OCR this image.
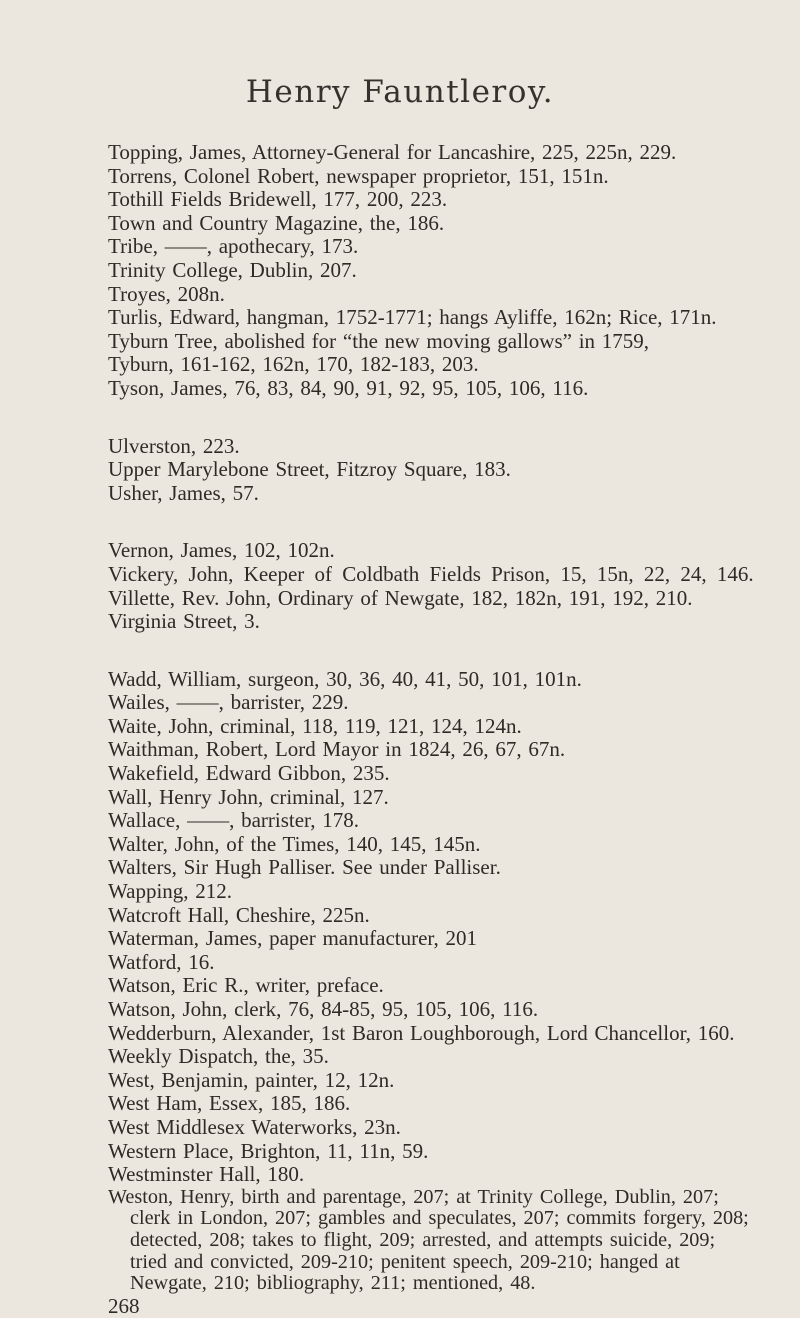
Henry Fauntleroy.
Topping, James, Attorney-General for Lancashire, 225, 225n, 229.
Torrens, Colonel Robert, newspaper proprietor, 151, 151n.
Tothill Fields Bridewell, 177, 200, 223.
Town and Country Magazine, the, 186.
Tribe, ——, apothecary, 173.
Trinity College, Dublin, 207.
Troyes, 208n.
Turlis, Edward, hangman, 1752-1771; hangs Ayliffe, 162n; Rice, 171n.
Tyburn Tree, abolished for “the new moving gallows” in 1759,
Tyburn, 161-162, 162n, 170, 182-183, 203.
Tyson, James, 76, 83, 84, 90, 91, 92, 95, 105, 106, 116.
Ulverston, 223.
Upper Marylebone Street, Fitzroy Square, 183.
Usher, James, 57.
Vernon, James, 102, 102n.
Vickery, John, Keeper of Coldbath Fields Prison, 15, 15n, 22, 24, 146.
Villette, Rev. John, Ordinary of Newgate, 182, 182n, 191, 192, 210.
Virginia Street, 3.
Wadd, William, surgeon, 30, 36, 40, 41, 50, 101, 101n.
Wailes, ——, barrister, 229.
Waite, John, criminal, 118, 119, 121, 124, 124n.
Waithman, Robert, Lord Mayor in 1824, 26, 67, 67n.
Wakefield, Edward Gibbon, 235.
Wall, Henry John, criminal, 127.
Wallace, ——, barrister, 178.
Walter, John, of the Times, 140, 145, 145n.
Walters, Sir Hugh Palliser. See under Palliser.
Wapping, 212.
Watcroft Hall, Cheshire, 225n.
Waterman, James, paper manufacturer, 201
Watford, 16.
Watson, Eric R., writer, preface.
Watson, John, clerk, 76, 84-85, 95, 105, 106, 116.
Wedderburn, Alexander, 1st Baron Loughborough, Lord Chancellor, 160.
Weekly Dispatch, the, 35.
West, Benjamin, painter, 12, 12n.
West Ham, Essex, 185, 186.
West Middlesex Waterworks, 23n.
Western Place, Brighton, 11, 11n, 59.
Westminster Hall, 180.
Weston, Henry, birth and parentage, 207; at Trinity College, Dublin, 207; clerk in London, 207; gambles and speculates, 207; commits forgery, 208; detected, 208; takes to flight, 209; arrested, and attempts suicide, 209; tried and convicted, 209-210; penitent speech, 209-210; hanged at Newgate, 210; bibliography, 211; mentioned, 48.
268
